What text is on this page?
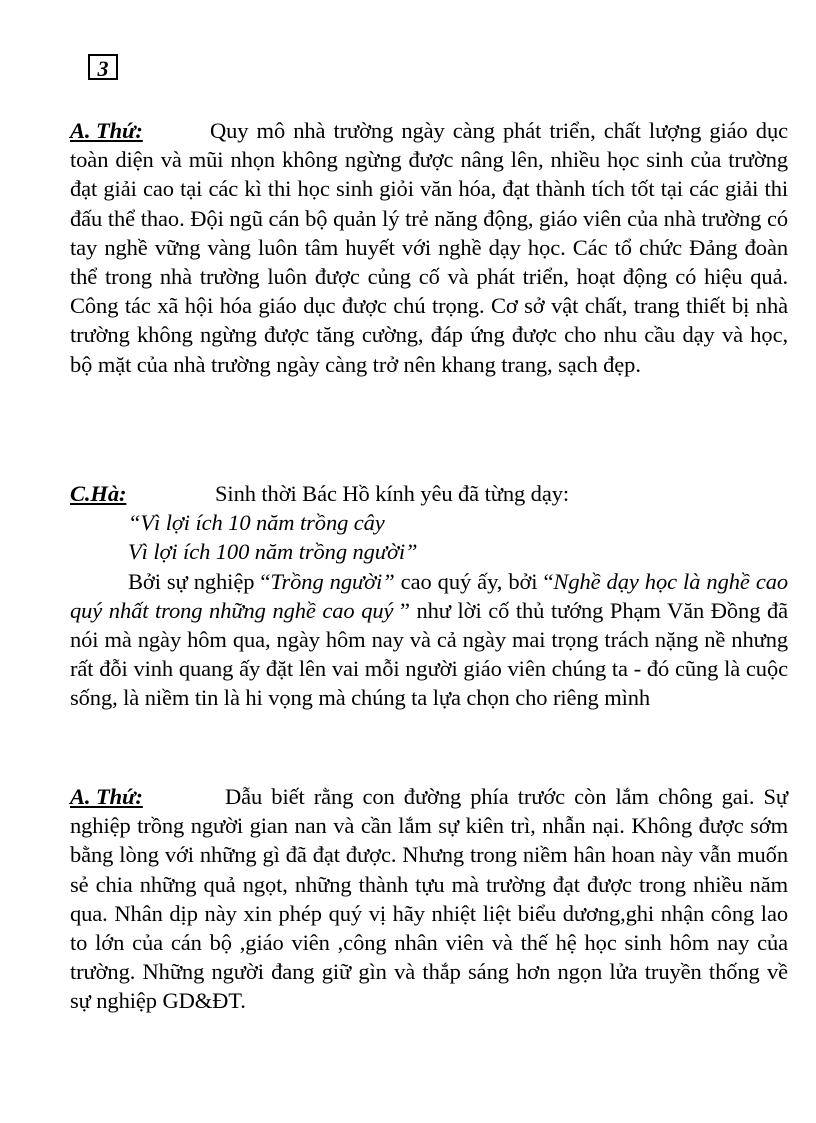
3
A. Thứ:	Quy mô nhà trường ngày càng phát triển, chất lượng giáo dục toàn diện và mũi nhọn không ngừng được nâng lên, nhiều học sinh của trường đạt giải cao tại các kì thi học sinh giỏi văn hóa, đạt thành tích tốt tại các giải thi đấu thể thao. Đội ngũ cán bộ quản lý trẻ năng động, giáo viên của nhà trường có tay nghề vững vàng luôn tâm huyết với nghề dạy học. Các tổ chức Đảng đoàn thể trong nhà trường luôn được củng cố và phát triển, hoạt động có hiệu quả. Công tác xã hội hóa giáo dục được chú trọng. Cơ sở vật chất, trang thiết bị nhà trường không ngừng được tăng cường, đáp ứng được cho nhu cầu dạy và học, bộ mặt của nhà trường ngày càng trở nên khang trang, sạch đẹp.
C.Hà:	Sinh thời Bác Hồ kính yêu đã từng dạy:
“Vì lợi ích 10 năm trồng cây
Vì lợi ích 100 năm trồng người”
Bởi sự nghiệp “Trồng người” cao quý ấy, bởi “Nghề dạy học là nghề cao quý nhất trong những nghề cao quý ” như lời cố thủ tướng Phạm Văn Đồng đã nói mà ngày hôm qua, ngày hôm nay và cả ngày mai trọng trách nặng nề nhưng rất đỗi vinh quang ấy đặt lên vai mỗi người giáo viên chúng ta - đó cũng là cuộc sống, là niềm tin là hi vọng mà chúng ta lựa chọn cho riêng mình
A. Thứ:	Dẫu biết rằng con đường phía trước còn lắm chông gai. Sự nghiệp trồng người gian nan và cần lắm sự kiên trì, nhẫn nại. Không được sớm bằng lòng với những gì đã đạt được. Nhưng trong niềm hân hoan này vẫn muốn sẻ chia những quả ngọt, những thành tựu mà trường đạt được trong nhiều năm qua. Nhân dịp này xin phép quý vị hãy nhiệt liệt biểu dương,ghi nhận công lao to lớn của cán bộ ,giáo viên ,công nhân viên và thế hệ học sinh hôm nay của trường. Những người đang giữ gìn và thắp sáng hơn ngọn lửa truyền thống về sự nghiệp GD&ĐT.
